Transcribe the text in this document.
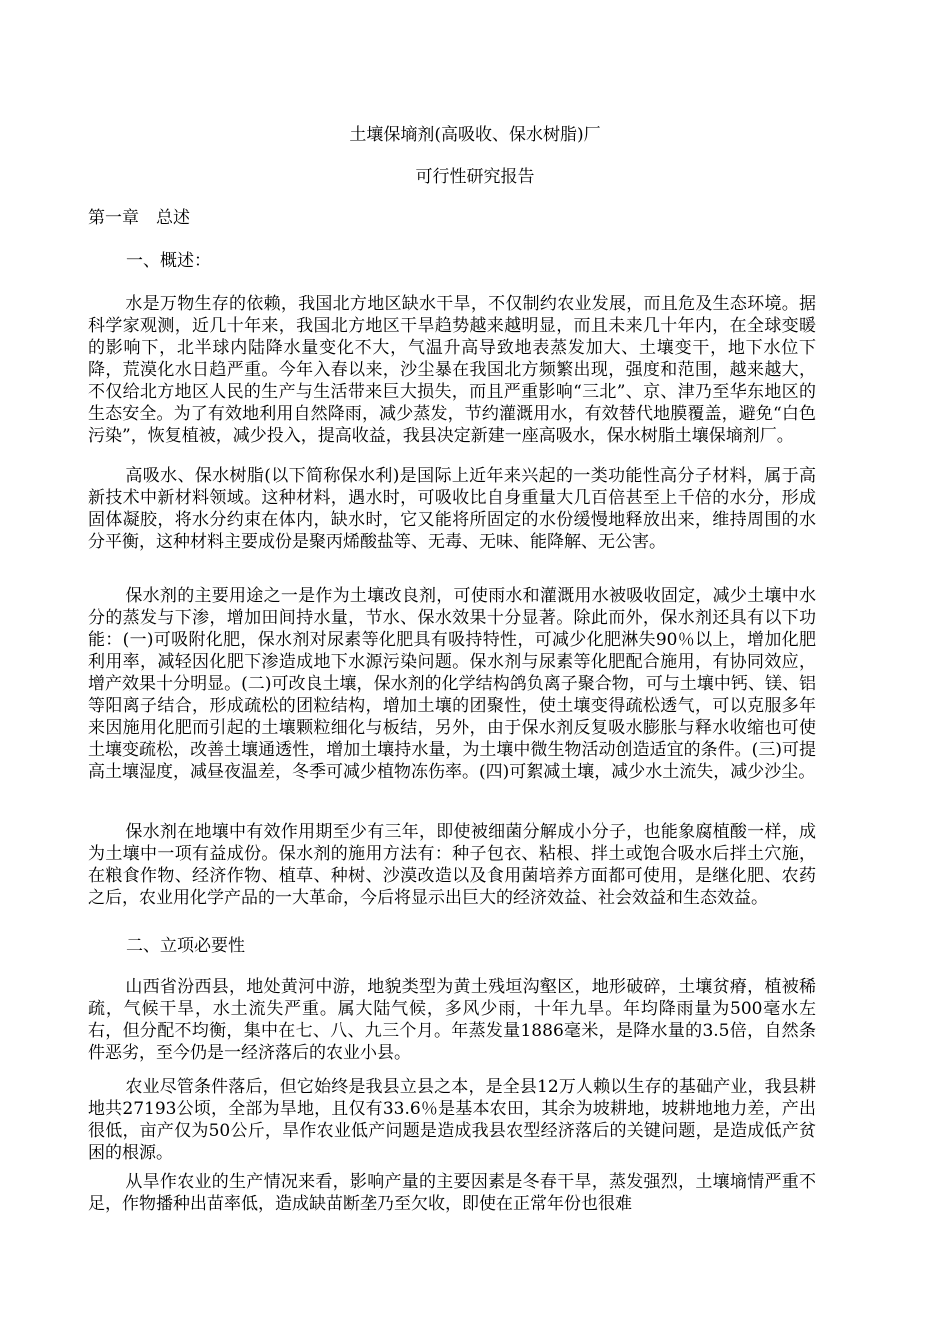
土壤保墒剂(高吸收、保水树脂)厂
可行性研究报告
第一章　总述
一、概述：
水是万物生存的依赖，我国北方地区缺水干旱，不仅制约农业发展，而且危及生态环境。据科学家观测，近几十年来，我国北方地区干旱趋势越来越明显，而且未来几十年内，在全球变暖的影响下，北半球内陆降水量变化不大，气温升高导致地表蒸发加大、土壤变干，地下水位下降，荒漠化水日趋严重。今年入春以来，沙尘暴在我国北方频繁出现，强度和范围，越来越大，不仅给北方地区人民的生产与生活带来巨大损失，而且严重影响“三北”、京、津乃至华东地区的生态安全。为了有效地利用自然降雨，减少蒸发，节约灌溉用水，有效替代地膜覆盖，避免“白色污染”，恢复植被，减少投入，提高收益，我县决定新建一座高吸水，保水树脂土壤保墒剂厂。
高吸水、保水树脂(以下简称保水利)是国际上近年来兴起的一类功能性高分子材料，属于高新技术中新材料领域。这种材料，遇水时，可吸收比自身重量大几百倍甚至上千倍的水分，形成固体凝胶，将水分约束在体内，缺水时，它又能将所固定的水份缓慢地释放出来，维持周围的水分平衡，这种材料主要成份是聚丙烯酸盐等、无毒、无味、能降解、无公害。
保水剂的主要用途之一是作为土壤改良剂，可使雨水和灌溉用水被吸收固定，减少土壤中水分的蒸发与下渗，增加田间持水量，节水、保水效果十分显著。除此而外，保水剂还具有以下功能：(一)可吸附化肥，保水剂对尿素等化肥具有吸持特性，可减少化肥淋失90％以上，增加化肥利用率，减轻因化肥下渗造成地下水源污染问题。保水剂与尿素等化肥配合施用，有协同效应，增产效果十分明显。(二)可改良土壤，保水剂的化学结构鸽负离子聚合物，可与土壤中钙、镁、铝等阳离子结合，形成疏松的团粒结构，增加土壤的团聚性，使土壤变得疏松透气，可以克服多年来因施用化肥而引起的土壤颗粒细化与板结，另外，由于保水剂反复吸水膨胀与释水收缩也可使土壤变疏松，改善土壤通透性，增加土壤持水量，为土壤中微生物活动创造适宜的条件。(三)可提高土壤湿度，减昼夜温差，冬季可减少植物冻伤率。(四)可絮减土壤，减少水土流失，减少沙尘。
保水剂在地壤中有效作用期至少有三年，即使被细菌分解成小分子，也能象腐植酸一样，成为土壤中一项有益成份。保水剂的施用方法有：种子包衣、粘根、拌土或饱合吸水后拌土穴施，在粮食作物、经济作物、植草、种树、沙漠改造以及食用菌培养方面都可使用，是继化肥、农药之后，农业用化学产品的一大革命，今后将显示出巨大的经济效益、社会效益和生态效益。
二、立项必要性
山西省汾西县，地处黄河中游，地貌类型为黄土残垣沟壑区，地形破碎，土壤贫瘠，植被稀疏，气候干旱，水土流失严重。属大陆气候，多风少雨，十年九旱。年均降雨量为500毫水左右，但分配不均衡，集中在七、八、九三个月。年蒸发量1886毫米，是降水量的3.5倍，自然条件恶劣，至今仍是一经济落后的农业小县。
农业尽管条件落后，但它始终是我县立县之本，是全县12万人赖以生存的基础产业，我县耕地共27193公顷，全部为旱地，且仅有33.6％是基本农田，其余为坡耕地，坡耕地地力差，产出很低，亩产仅为50公斤，旱作农业低产问题是造成我县农型经济落后的关键问题，是造成低产贫困的根源。
从旱作农业的生产情况来看，影响产量的主要因素是冬春干旱，蒸发强烈，土壤墒情严重不足，作物播种出苗率低，造成缺苗断垄乃至欠收，即使在正常年份也很难
